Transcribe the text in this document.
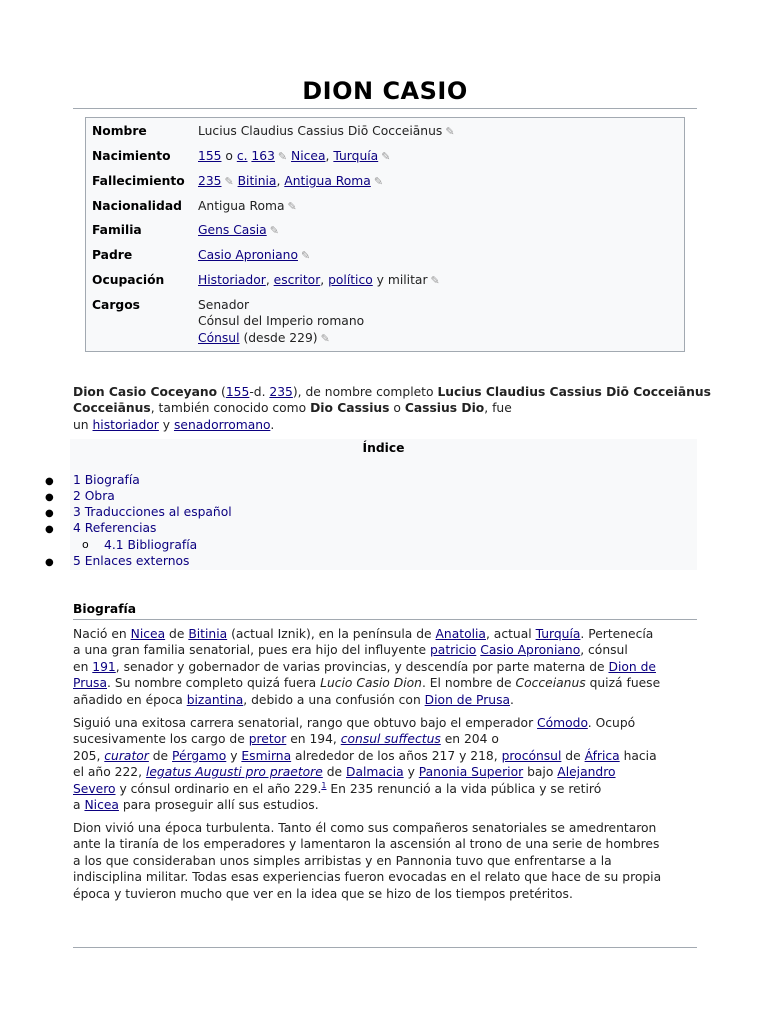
DION CASIO
Nombre	Lucius Claudius Cassius Diō Cocceiānus ✎
Nacimiento	155 o c. 163 ✎ Nicea, Turquía ✎
Fallecimiento	235 ✎ Bitinia, Antigua Roma ✎
Nacionalidad	Antigua Roma ✎
Familia	Gens Casia ✎
Padre	Casio Aproniano ✎
Ocupación	Historiador, escritor, político y militar ✎
Cargos	Senador
Cónsul del Imperio romano
Cónsul (desde 229) ✎
Dion Casio Coceyano (155-d. 235), de nombre completo Lucius Claudius Cassius Diō Cocceiānus
Cocceiānus, también conocido como Dio Cassius o Cassius Dio, fue
un historiador y senadorromano.
Índice
● 1 Biografía
● 2 Obra
● 3 Traducciones al español
● 4 Referencias
o 4.1 Bibliografía
● 5 Enlaces externos
Biografía
Nació en Nicea de Bitinia (actual Iznik), en la península de Anatolia, actual Turquía. Pertenecía
a una gran familia senatorial, pues era hijo del influyente patricio Casio Aproniano, cónsul
en 191, senador y gobernador de varias provincias, y descendía por parte materna de Dion de
Prusa. Su nombre completo quizá fuera Lucio Casio Dion. El nombre de Cocceianus quizá fuese
añadido en época bizantina, debido a una confusión con Dion de Prusa.
Siguió una exitosa carrera senatorial, rango que obtuvo bajo el emperador Cómodo. Ocupó
sucesivamente los cargo de pretor en 194, consul suffectus en 204 o
205, curator de Pérgamo y Esmirna alrededor de los años 217 y 218, procónsul de África hacia
el año 222, legatus Augusti pro praetore de Dalmacia y Panonia Superior bajo Alejandro
Severo y cónsul ordinario en el año 229.$^1$ En 235 renunció a la vida pública y se retiró
a Nicea para proseguir allí sus estudios.
Dion vivió una época turbulenta. Tanto él como sus compañeros senatoriales se amedrentaron
ante la tiranía de los emperadores y lamentaron la ascensión al trono de una serie de hombres
a los que consideraban unos simples arribistas y en Pannonia tuvo que enfrentarse a la
indisciplina militar. Todas esas experiencias fueron evocadas en el relato que hace de su propia
época y tuvieron mucho que ver en la idea que se hizo de los tiempos pretéritos.
